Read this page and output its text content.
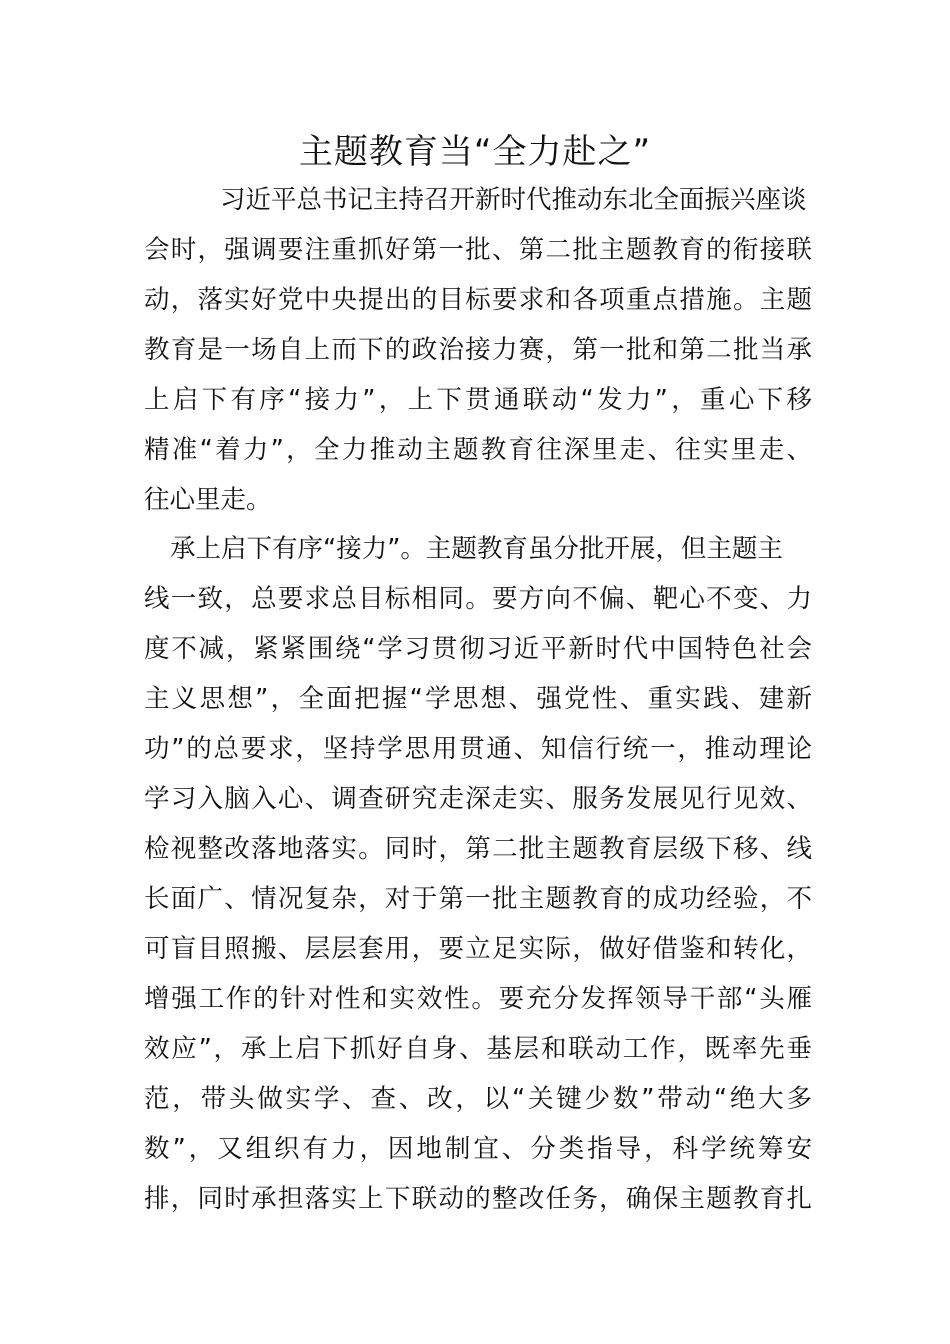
主题教育当“全力赴之”
习近平总书记主持召开新时代推动东北全面振兴座谈
会时，强调要注重抓好第一批、第二批主题教育的衔接联
动，落实好党中央提出的目标要求和各项重点措施。主题
教育是一场自上而下的政治接力赛，第一批和第二批当承
上启下有序“接力”，上下贯通联动“发力”，重心下移
精准“着力”，全力推动主题教育往深里走、往实里走、
往心里走。
承上启下有序“接力”。主题教育虽分批开展，但主题主
线一致，总要求总目标相同。要方向不偏、靶心不变、力
度不减，紧紧围绕“学习贯彻习近平新时代中国特色社会
主义思想”，全面把握“学思想、强党性、重实践、建新
功”的总要求，坚持学思用贯通、知信行统一，推动理论
学习入脑入心、调查研究走深走实、服务发展见行见效、
检视整改落地落实。同时，第二批主题教育层级下移、线
长面广、情况复杂，对于第一批主题教育的成功经验，不
可盲目照搬、层层套用，要立足实际，做好借鉴和转化，
增强工作的针对性和实效性。要充分发挥领导干部“头雁
效应”，承上启下抓好自身、基层和联动工作，既率先垂
范，带头做实学、查、改，以“关键少数”带动“绝大多
数”，又组织有力，因地制宜、分类指导，科学统筹安
排，同时承担落实上下联动的整改任务，确保主题教育扎
